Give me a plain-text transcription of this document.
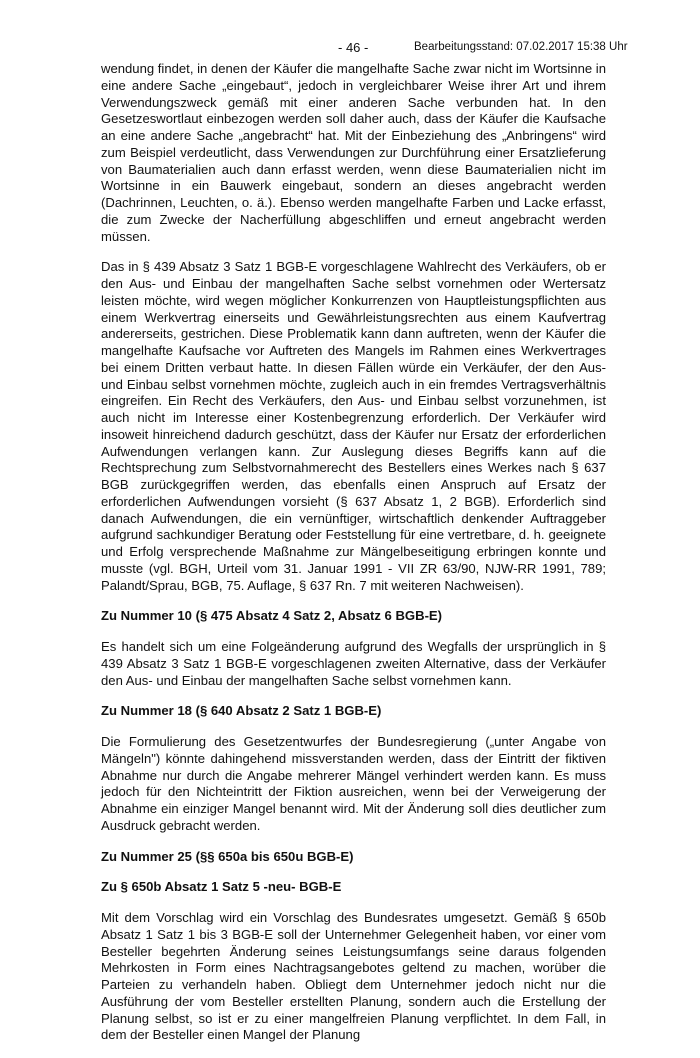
- 46 -	Bearbeitungsstand: 07.02.2017 15:38 Uhr

wendung findet, in denen der Käufer die mangelhafte Sache zwar nicht im Wortsinne in eine andere Sache „eingebaut“, jedoch in vergleichbarer Weise ihrer Art und ihrem Verwendungszweck gemäß mit einer anderen Sache verbunden hat. In den Gesetzeswortlaut einbezogen werden soll daher auch, dass der Käufer die Kaufsache an eine andere Sache „angebracht“ hat. Mit der Einbeziehung des „Anbringens“ wird zum Beispiel verdeutlicht, dass Verwendungen zur Durchführung einer Ersatzlieferung von Baumaterialien auch dann erfasst werden, wenn diese Baumaterialien nicht im Wortsinne in ein Bauwerk eingebaut, sondern an dieses angebracht werden (Dachrinnen, Leuchten, o. ä.). Ebenso werden mangelhafte Farben und Lacke erfasst, die zum Zwecke der Nacherfüllung abgeschliffen und erneut angebracht werden müssen.

Das in § 439 Absatz 3 Satz 1 BGB-E vorgeschlagene Wahlrecht des Verkäufers, ob er den Aus- und Einbau der mangelhaften Sache selbst vornehmen oder Wertersatz leisten möchte, wird wegen möglicher Konkurrenzen von Hauptleistungspflichten aus einem Werkvertrag einerseits und Gewährleistungsrechten aus einem Kaufvertrag andererseits, gestrichen. Diese Problematik kann dann auftreten, wenn der Käufer die mangelhafte Kaufsache vor Auftreten des Mangels im Rahmen eines Werkvertrages bei einem Dritten verbaut hatte. In diesen Fällen würde ein Verkäufer, der den Aus- und Einbau selbst vornehmen möchte, zugleich auch in ein fremdes Vertragsverhältnis eingreifen. Ein Recht des Verkäufers, den Aus- und Einbau selbst vorzunehmen, ist auch nicht im Interesse einer Kostenbegrenzung erforderlich. Der Verkäufer wird insoweit hinreichend dadurch geschützt, dass der Käufer nur Ersatz der erforderlichen Aufwendungen verlangen kann. Zur Auslegung dieses Begriffs kann auf die Rechtsprechung zum Selbstvornahmerecht des Bestellers eines Werkes nach § 637 BGB zurückgegriffen werden, das ebenfalls einen Anspruch auf Ersatz der erforderlichen Aufwendungen vorsieht (§ 637 Absatz 1, 2 BGB). Erforderlich sind danach Aufwendungen, die ein vernünftiger, wirtschaftlich denkender Auftraggeber aufgrund sachkundiger Beratung oder Feststellung für eine vertretbare, d. h. geeignete und Erfolg versprechende Maßnahme zur Mängelbeseitigung erbringen konnte und musste (vgl. BGH, Urteil vom 31. Januar 1991 - VII ZR 63/90, NJW-RR 1991, 789; Palandt/Sprau, BGB, 75. Auflage, § 637 Rn. 7 mit weiteren Nachweisen).

Zu Nummer 10 (§ 475 Absatz 4 Satz 2, Absatz 6 BGB-E)

Es handelt sich um eine Folgeänderung aufgrund des Wegfalls der ursprünglich in § 439 Absatz 3 Satz 1 BGB-E vorgeschlagenen zweiten Alternative, dass der Verkäufer den Aus- und Einbau der mangelhaften Sache selbst vornehmen kann.

Zu Nummer 18 (§ 640 Absatz 2 Satz 1 BGB-E)

Die Formulierung des Gesetzentwurfes der Bundesregierung („unter Angabe von Mängeln") könnte dahingehend missverstanden werden, dass der Eintritt der fiktiven Abnahme nur durch die Angabe mehrerer Mängel verhindert werden kann. Es muss jedoch für den Nichteintritt der Fiktion ausreichen, wenn bei der Verweigerung der Abnahme ein einziger Mangel benannt wird. Mit der Änderung soll dies deutlicher zum Ausdruck gebracht werden.

Zu Nummer 25 (§§ 650a bis 650u BGB-E)
Zu § 650b Absatz 1 Satz 5 -neu- BGB-E

Mit dem Vorschlag wird ein Vorschlag des Bundesrates umgesetzt. Gemäß § 650b Absatz 1 Satz 1 bis 3 BGB-E soll der Unternehmer Gelegenheit haben, vor einer vom Besteller begehrten Änderung seines Leistungsumfangs seine daraus folgenden Mehrkosten in Form eines Nachtragsangebotes geltend zu machen, worüber die Parteien zu verhandeln haben. Obliegt dem Unternehmer jedoch nicht nur die Ausführung der vom Besteller erstellten Planung, sondern auch die Erstellung der Planung selbst, so ist er zu einer mangelfreien Planung verpflichtet. In dem Fall, in dem der Besteller einen Mangel der Planung
